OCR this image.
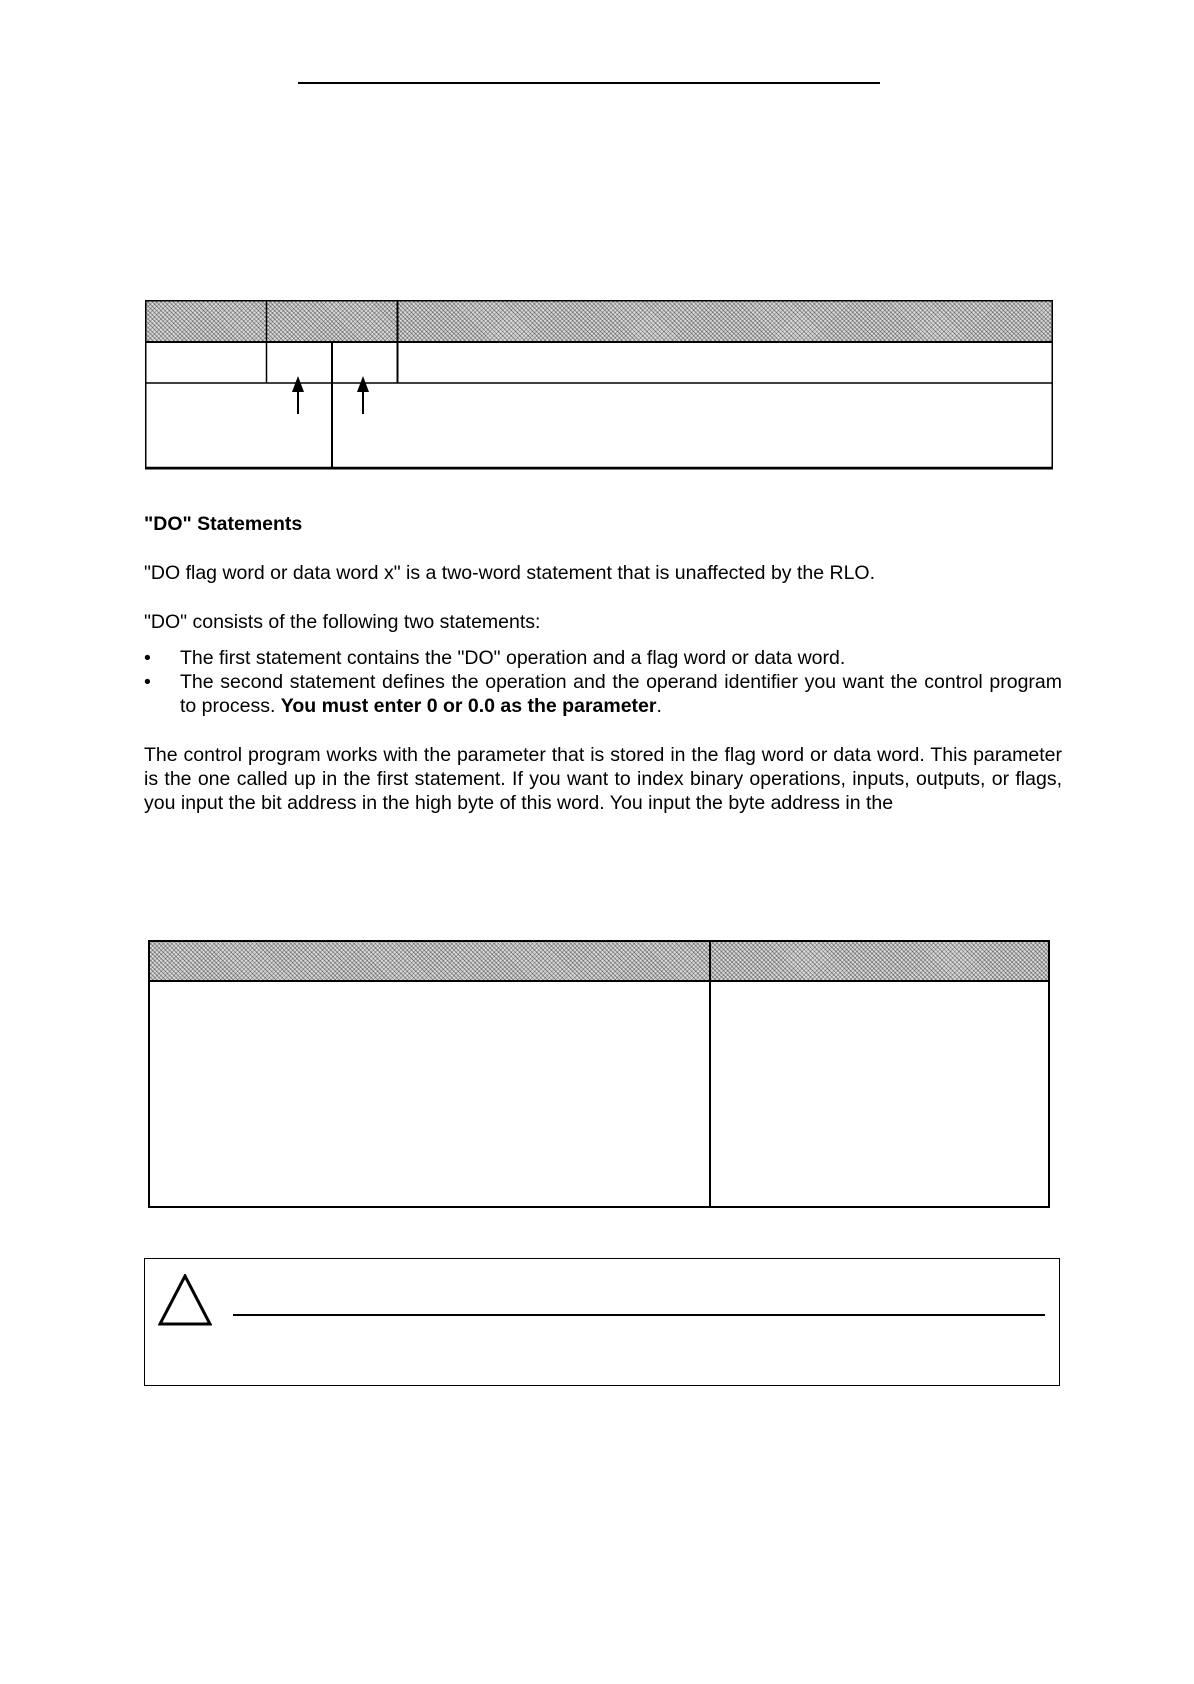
"DO" Statements
"DO flag word or data word x" is a two-word statement that is unaffected by the RLO.
"DO" consists of the following two statements:
•	The first statement contains the "DO" operation and a flag word or data word.
•	The second statement defines the operation and the operand identifier you want the control program to process. You must enter 0 or 0.0 as the parameter.
The control program works with the parameter that is stored in the flag word or data word. This parameter is the one called up in the first statement. If you want to index binary operations, inputs, outputs, or flags, you input the bit address in the high byte of this word. You input the byte address in the
